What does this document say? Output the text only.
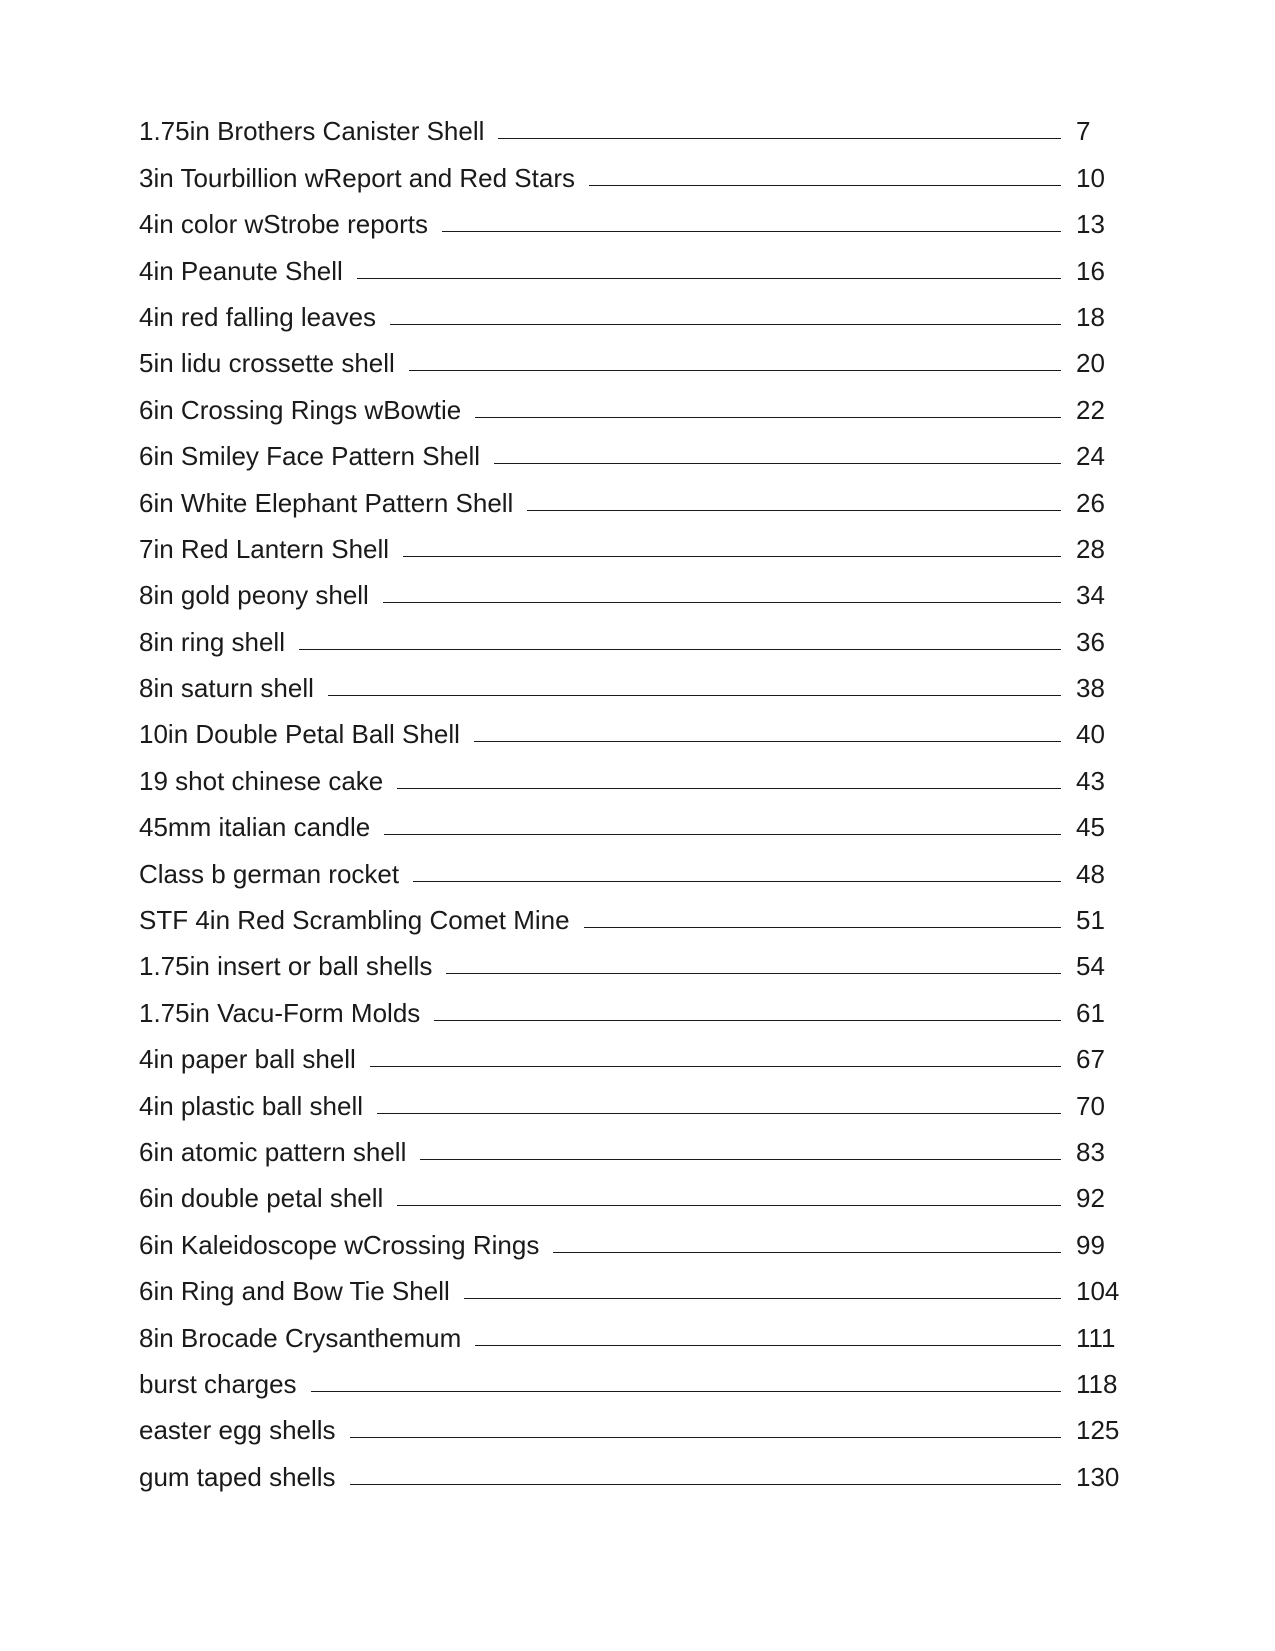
1.75in Brothers Canister Shell	7
3in Tourbillion wReport and Red Stars	10
4in color wStrobe reports	13
4in Peanute Shell	16
4in red falling leaves	18
5in lidu crossette shell	20
6in Crossing Rings wBowtie	22
6in Smiley Face Pattern Shell	24
6in White Elephant Pattern Shell	26
7in Red Lantern Shell	28
8in gold peony shell	34
8in ring shell	36
8in saturn shell	38
10in Double Petal Ball Shell	40
19 shot chinese cake	43
45mm italian candle	45
Class b german rocket	48
STF 4in Red Scrambling Comet Mine	51
1.75in insert or ball shells	54
1.75in Vacu-Form Molds	61
4in paper ball shell	67
4in plastic ball shell	70
6in atomic pattern shell	83
6in double petal shell	92
6in Kaleidoscope wCrossing Rings	99
6in Ring and Bow Tie Shell	104
8in Brocade Crysanthemum	111
burst charges	118
easter egg shells	125
gum taped shells	130
